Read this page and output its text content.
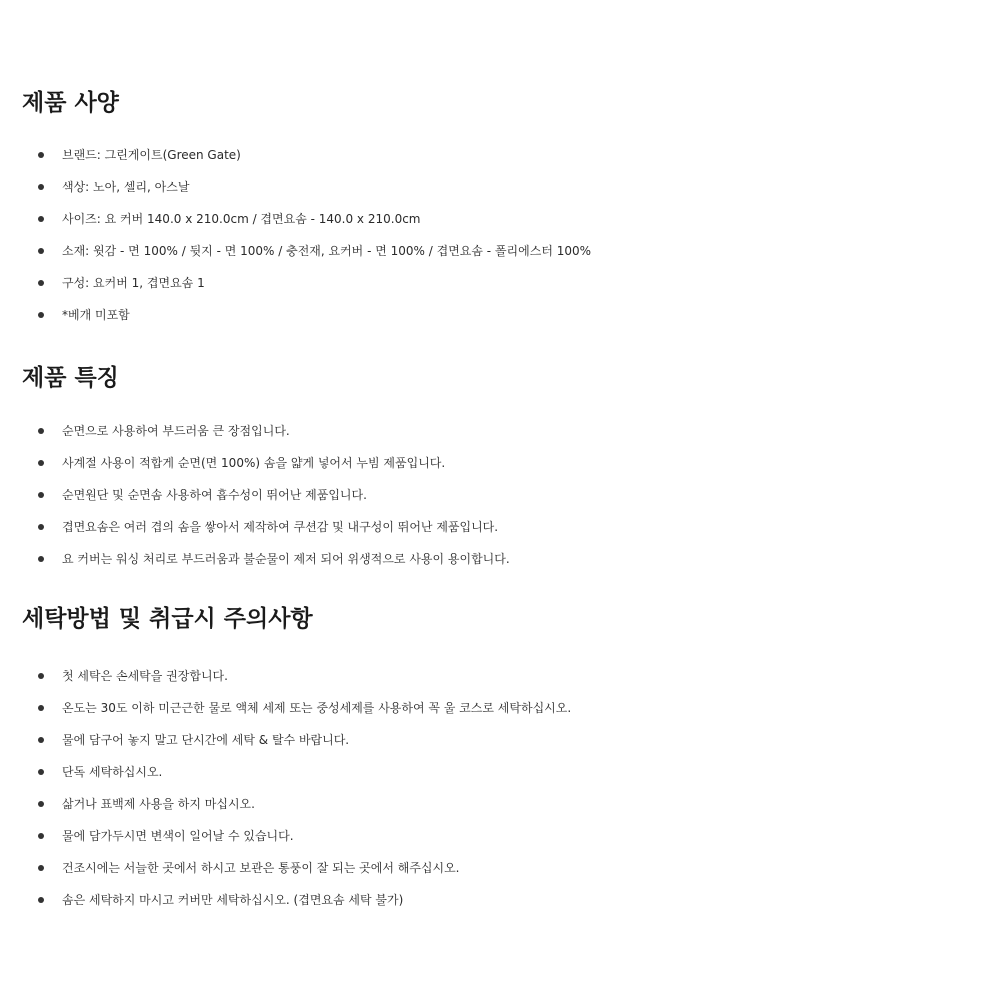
제품 사양
브랜드: 그린게이트(Green Gate)
색상: 노아, 셀리, 아스날
사이즈: 요 커버 140.0 x 210.0cm / 겹면요솜 - 140.0 x 210.0cm
소재: 윗감 - 면 100% / 뒷지 - 면 100% / 충전재, 요커버 - 면 100% / 겹면요솜 - 폴리에스터 100%
구성: 요커버 1, 겹면요솜 1
*베개 미포함
제품 특징
순면으로 사용하여 부드러움 큰 장점입니다.
사계절 사용이 적합게 순면(면 100%) 솜을 얇게 넣어서 누빔 제품입니다.
순면원단 및 순면솜 사용하여 흡수성이 뛰어난 제품입니다.
겹면요솜은 여러 겹의 솜을 쌓아서 제작하여 쿠션감 및 내구성이 뛰어난 제품입니다.
요 커버는 워싱 처리로 부드러움과 불순물이 제저 되어 위생적으로 사용이 용이합니다.
세탁방법 및 취급시 주의사항
첫 세탁은 손세탁을 권장합니다.
온도는 30도 이하 미근근한 물로 액체 세제 또는 중성세제를 사용하여 꼭 울 코스로 세탁하십시오.
물에 담구어 놓지 말고 단시간에 세탁 & 탈수 바랍니다.
단독 세탁하십시오.
삶거나 표백제 사용을 하지 마십시오.
물에 담가두시면 변색이 일어날 수 있습니다.
건조시에는 서늘한 곳에서 하시고 보관은 통풍이 잘 되는 곳에서 해주십시오.
솜은 세탁하지 마시고 커버만 세탁하십시오. (겹면요솜 세탁 불가)
